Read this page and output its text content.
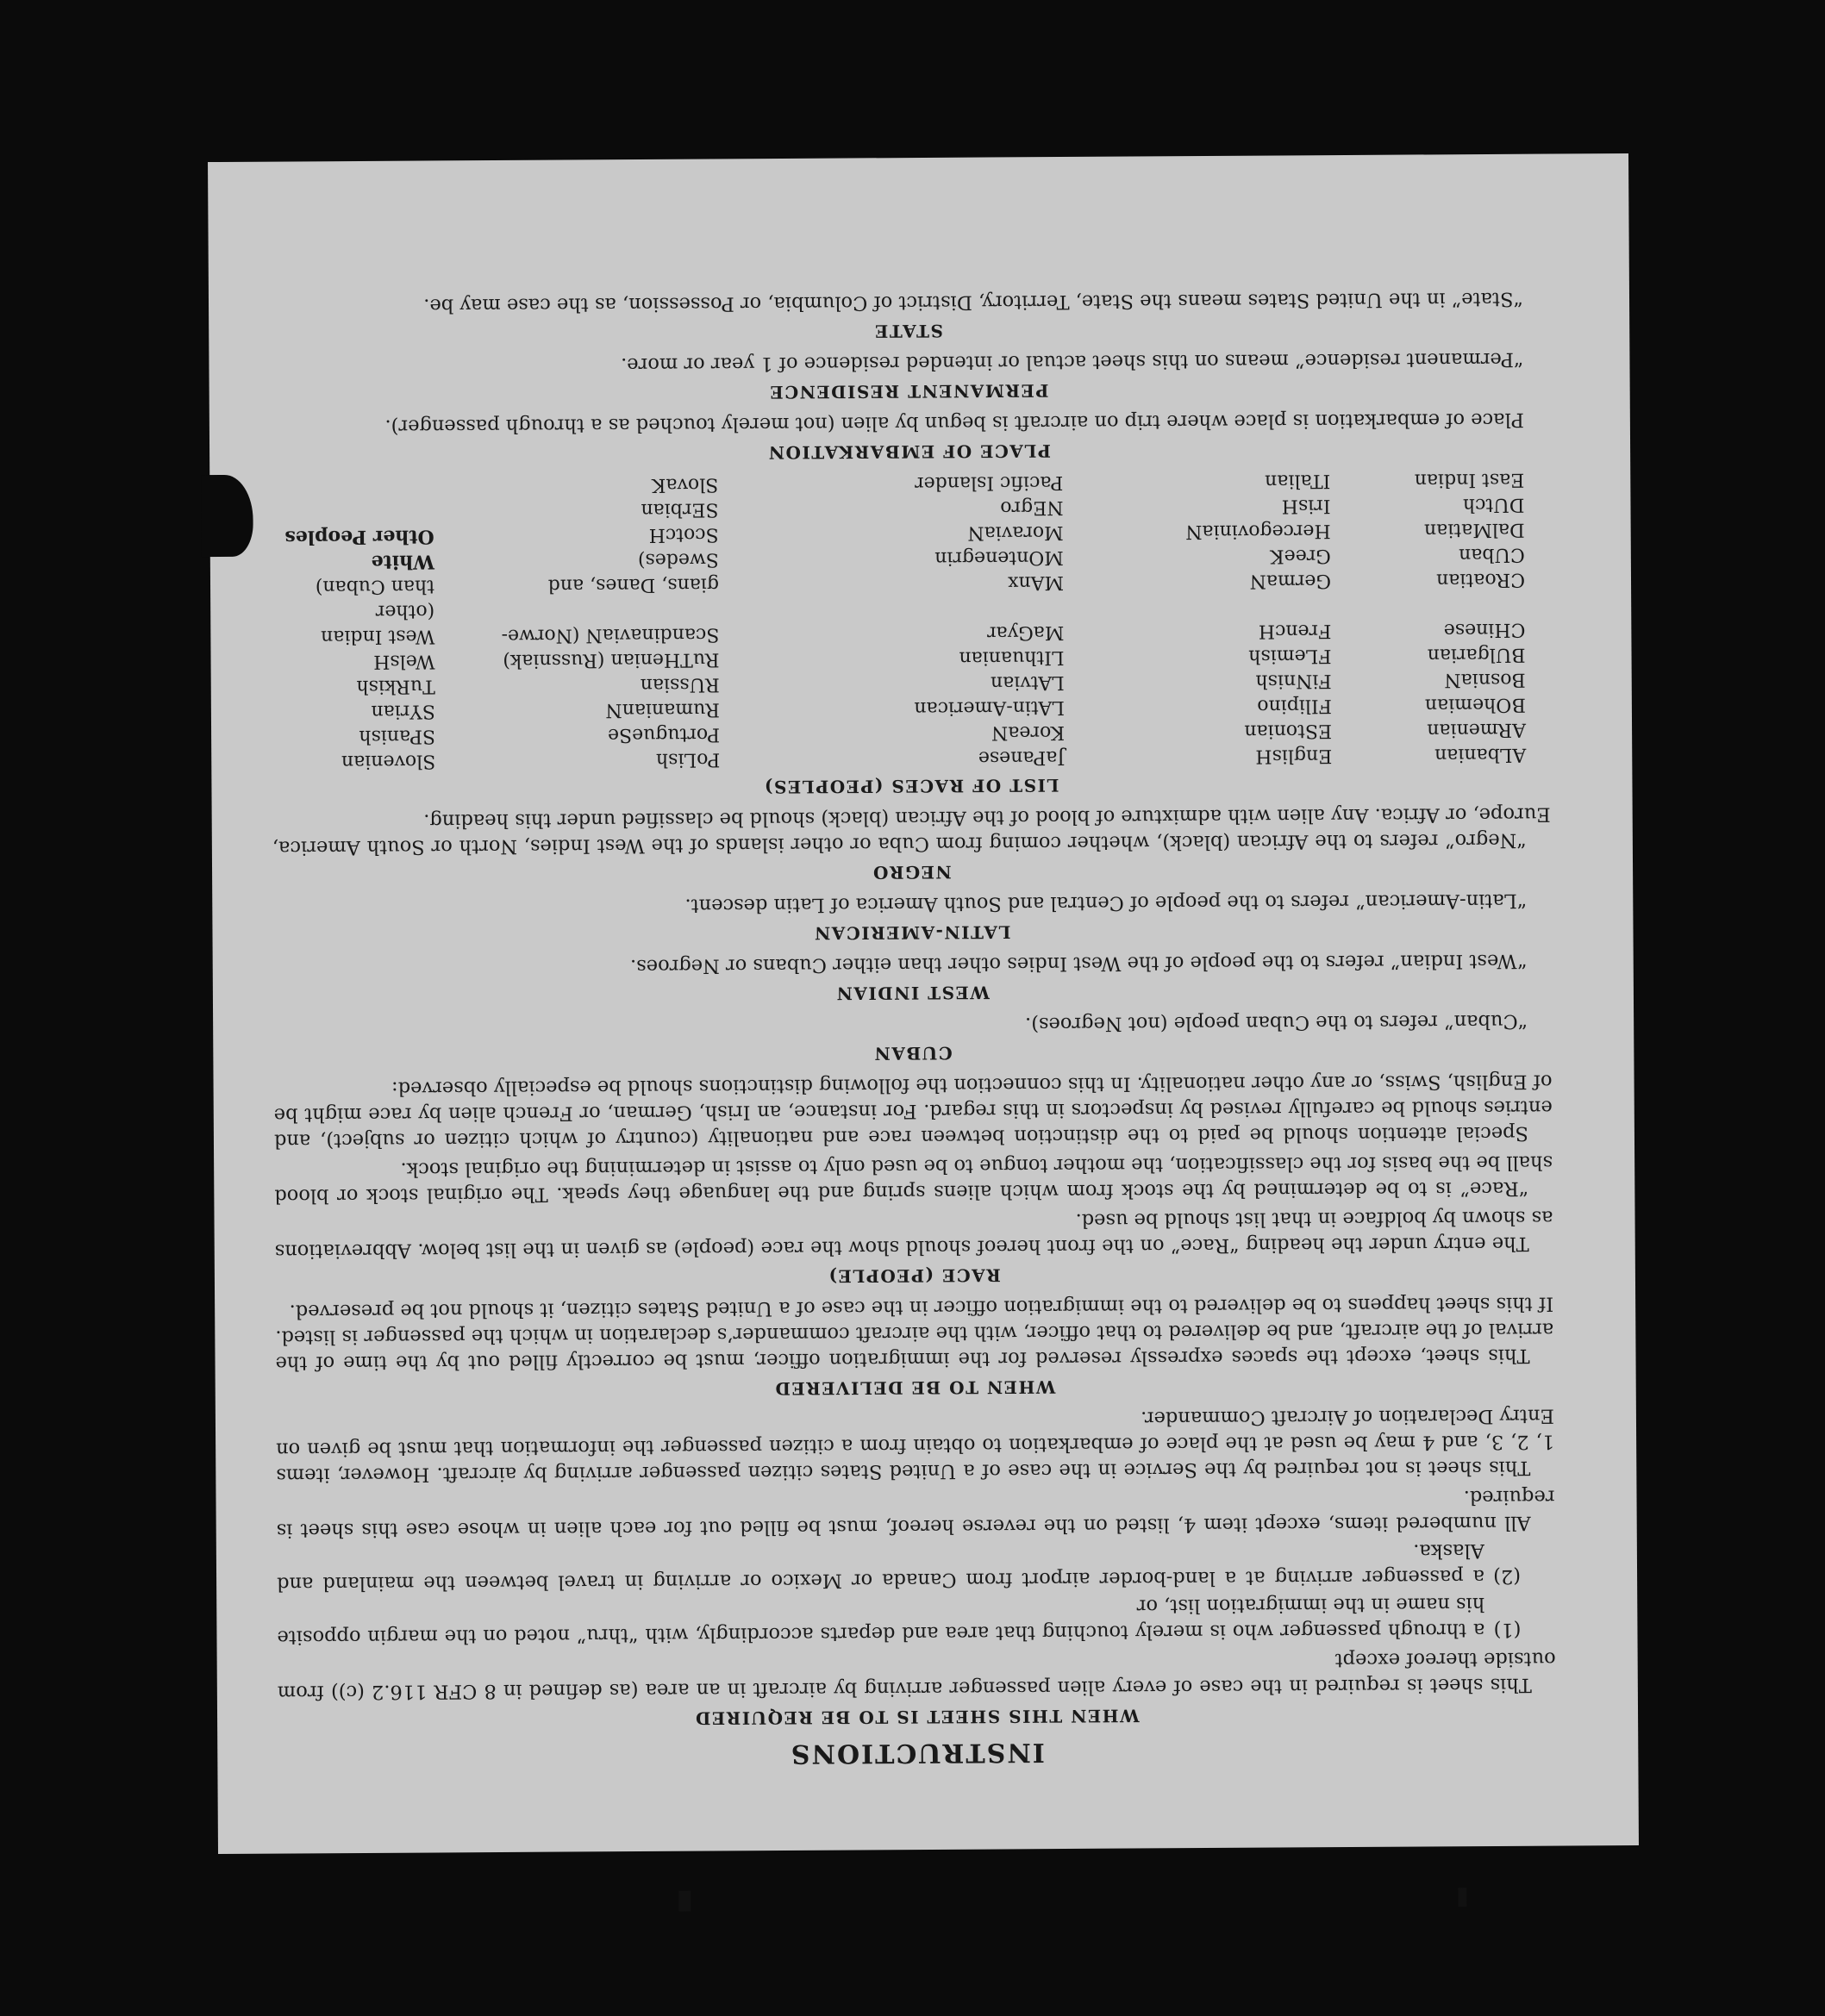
INSTRUCTIONS
WHEN THIS SHEET IS TO BE REQUIRED

This sheet is required in the case of every alien passenger arriving by aircraft in an area (as defined in 8 CFR 116.2 (c)) from outside thereof except

(1)
a through passenger who is merely touching that area and departs accordingly, with “thru” noted on the margin opposite his name in the immigration list, or
(2)
a passenger arriving at a land-border airport from Canada or Mexico or arriving in travel between the mainland and Alaska.

All numbered items, except item 4, listed on the reverse hereof, must be filled out for each alien in whose case this sheet is required.

This sheet is not required by the Service in the case of a United States citizen passenger arriving by aircraft. However, items 1, 2, 3, and 4 may be used at the place of embarkation to obtain from a citizen passenger the information that must be given on Entry Declaration of Aircraft Commander.

WHEN TO BE DELIVERED

This sheet, except the spaces expressly reserved for the immigration officer, must be correctly filled out by the time of the arrival of the aircraft, and be delivered to that officer, with the aircraft commander’s declaration in which the passenger is listed. If this sheet happens to be delivered to the immigration officer in the case of a United States citizen, it should not be preserved.

RACE (PEOPLE)

The entry under the heading “Race” on the front hereof should show the race (people) as given in the list below. Abbreviations as shown by boldface in that list should be used.

“Race” is to be determined by the stock from which aliens spring and the language they speak. The original stock or blood shall be the basis for the classification, the mother tongue to be used only to assist in determining the original stock.

Special attention should be paid to the distinction between race and nationality (country of which citizen or subject), and entries should be carefully revised by inspectors in this regard. For instance, an Irish, German, or French alien by race might be of English, Swiss, or any other nationality. In this connection the following distinctions should be especially observed:

CUBAN

“Cuban” refers to the Cuban people (not Negroes).

WEST INDIAN

“West Indian” refers to the people of the West Indies other than either Cubans or Negroes.

LATIN-AMERICAN

“Latin-American” refers to the people of Central and South America of Latin descent.

NEGRO

“Negro” refers to the African (black), whether coming from Cuba or other islands of the West Indies, North or South America, Europe, or Africa. Any alien with admixture of blood of the African (black) should be classified under this heading.

LIST OF RACES (PEOPLES)
ALbanian
EnglisH
JaPanese
PoLish
Slovenian
ARmenian
EStonian
KoreaN
PortugueSe
SPanish
BOhemian
FIlipino
LAtin-American
RumanianN
SYrian
BosniaN
FiNnish
LAtvian
RUssian
TuRkish
BUlgarian
FLemish
LIthuanian
RuTHenian (Russniak)
WelsH
CHinese
FrencH
MaGyar
ScandinaviaN (Norwe-
West Indian (other
CRoatian
GermaN
MAnx
gians, Danes, and
than Cuban)
CUban
GreeK
MOntenegrin
Swedes)
White
DalMatian
HercegoviniaN
MoraviaN
ScotcH
Other Peoples
DUtch
IrisH
NEgro
SErbian
East Indian
ITalian
Pacific Islander
SlovaK
PLACE OF EMBARKATION

Place of embarkation is place where trip on aircraft is begun by alien (not merely touched as a through passenger).

PERMANENT RESIDENCE

“Permanent residence” means on this sheet actual or intended residence of 1 year or more.

STATE

“State” in the United States means the State, Territory, District of Columbia, or Possession, as the case may be.
